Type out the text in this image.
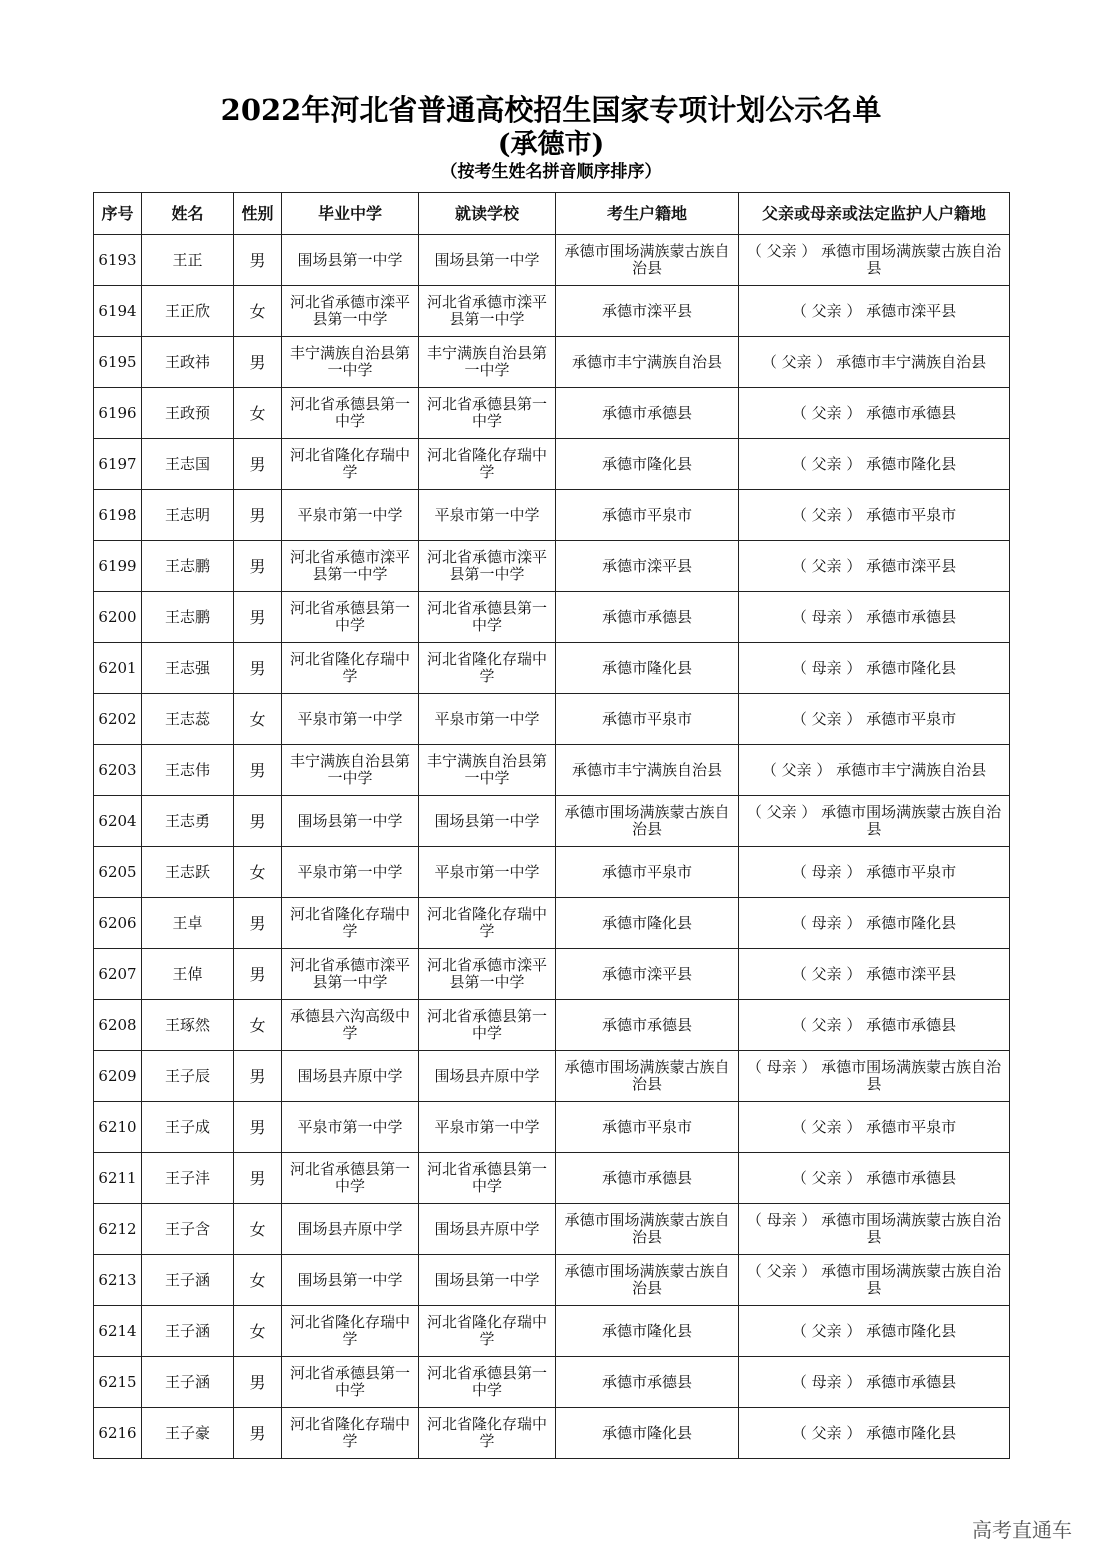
2022年河北省普通高校招生国家专项计划公示名单
(承德市)
（按考生姓名拼音顺序排序）
序号	姓名	性别	毕业中学	就读学校	考生户籍地	父亲或母亲或法定监护人户籍地
6193	王正	男	围场县第一中学	围场县第一中学	承德市围场满族蒙古族自治县	（ 父亲 ） 承德市围场满族蒙古族自治县
6194	王正欣	女	河北省承德市滦平县第一中学	河北省承德市滦平县第一中学	承德市滦平县	（ 父亲 ） 承德市滦平县
6195	王政祎	男	丰宁满族自治县第一中学	丰宁满族自治县第一中学	承德市丰宁满族自治县	（ 父亲 ） 承德市丰宁满族自治县
6196	王政预	女	河北省承德县第一中学	河北省承德县第一中学	承德市承德县	（ 父亲 ） 承德市承德县
6197	王志国	男	河北省隆化存瑞中学	河北省隆化存瑞中学	承德市隆化县	（ 父亲 ） 承德市隆化县
6198	王志明	男	平泉市第一中学	平泉市第一中学	承德市平泉市	（ 父亲 ） 承德市平泉市
6199	王志鹏	男	河北省承德市滦平县第一中学	河北省承德市滦平县第一中学	承德市滦平县	（ 父亲 ） 承德市滦平县
6200	王志鹏	男	河北省承德县第一中学	河北省承德县第一中学	承德市承德县	（ 母亲 ） 承德市承德县
6201	王志强	男	河北省隆化存瑞中学	河北省隆化存瑞中学	承德市隆化县	（ 母亲 ） 承德市隆化县
6202	王志蕊	女	平泉市第一中学	平泉市第一中学	承德市平泉市	（ 父亲 ） 承德市平泉市
6203	王志伟	男	丰宁满族自治县第一中学	丰宁满族自治县第一中学	承德市丰宁满族自治县	（ 父亲 ） 承德市丰宁满族自治县
6204	王志勇	男	围场县第一中学	围场县第一中学	承德市围场满族蒙古族自治县	（ 父亲 ） 承德市围场满族蒙古族自治县
6205	王志跃	女	平泉市第一中学	平泉市第一中学	承德市平泉市	（ 母亲 ） 承德市平泉市
6206	王卓	男	河北省隆化存瑞中学	河北省隆化存瑞中学	承德市隆化县	（ 母亲 ） 承德市隆化县
6207	王倬	男	河北省承德市滦平县第一中学	河北省承德市滦平县第一中学	承德市滦平县	（ 父亲 ） 承德市滦平县
6208	王琢然	女	承德县六沟高级中学	河北省承德县第一中学	承德市承德县	（ 父亲 ） 承德市承德县
6209	王子辰	男	围场县卉原中学	围场县卉原中学	承德市围场满族蒙古族自治县	（ 母亲 ） 承德市围场满族蒙古族自治县
6210	王子成	男	平泉市第一中学	平泉市第一中学	承德市平泉市	（ 父亲 ） 承德市平泉市
6211	王子沣	男	河北省承德县第一中学	河北省承德县第一中学	承德市承德县	（ 父亲 ） 承德市承德县
6212	王子含	女	围场县卉原中学	围场县卉原中学	承德市围场满族蒙古族自治县	（ 母亲 ） 承德市围场满族蒙古族自治县
6213	王子涵	女	围场县第一中学	围场县第一中学	承德市围场满族蒙古族自治县	（ 父亲 ） 承德市围场满族蒙古族自治县
6214	王子涵	女	河北省隆化存瑞中学	河北省隆化存瑞中学	承德市隆化县	（ 父亲 ） 承德市隆化县
6215	王子涵	男	河北省承德县第一中学	河北省承德县第一中学	承德市承德县	（ 母亲 ） 承德市承德县
6216	王子豪	男	河北省隆化存瑞中学	河北省隆化存瑞中学	承德市隆化县	（ 父亲 ） 承德市隆化县
高考直通车
